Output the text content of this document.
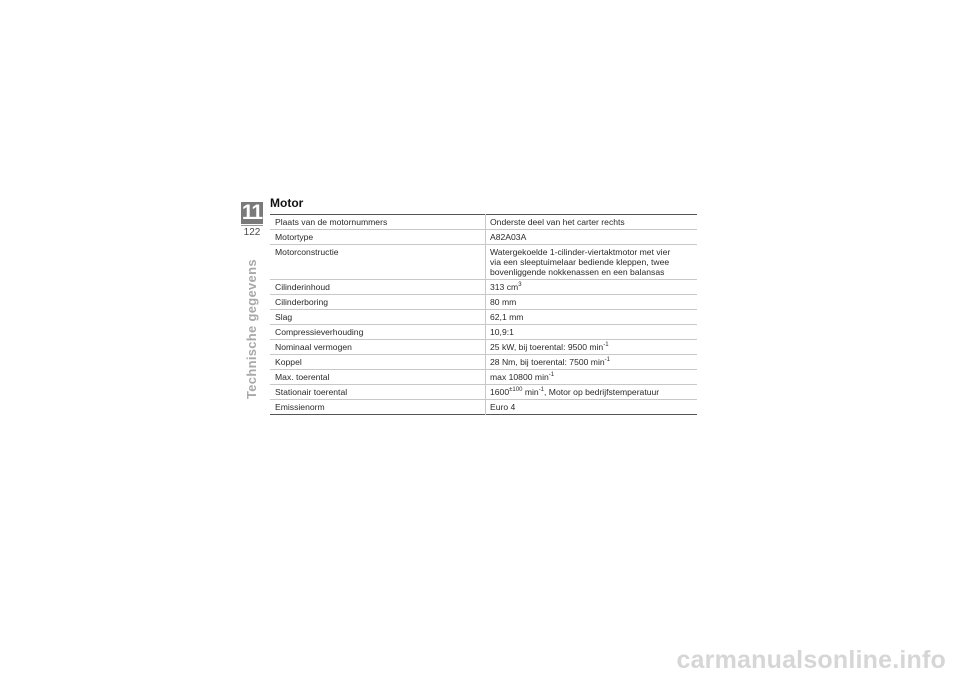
11
122
Technische gegevens
Motor
Plaats van de motornummers	Onderste deel van het carter rechts
Motortype	A82A03A
Motorconstructie	Watergekoelde 1-cilinder-viertaktmotor met vier via een sleeptuimelaar bediende kleppen, twee bovenliggende nokkenassen en een balansas
Cilinderinhoud	313 $cm^3$
Cilinderboring	80 mm
Slag	62,1 mm
Compressieverhouding	10,9:1
Nominaal vermogen	25 kW, bij toerental: 9500 $\min^{-1}$
Koppel	28 Nm, bij toerental: 7500 $\min^{-1}$
Max. toerental	max 10800 $\min^{-1}$
Stationair toerental	$1600^{\pm 100}$ $\min^{-1}$, Motor op bedrijfstemperatuur
Emissienorm	Euro 4
carmanualsonline.info
